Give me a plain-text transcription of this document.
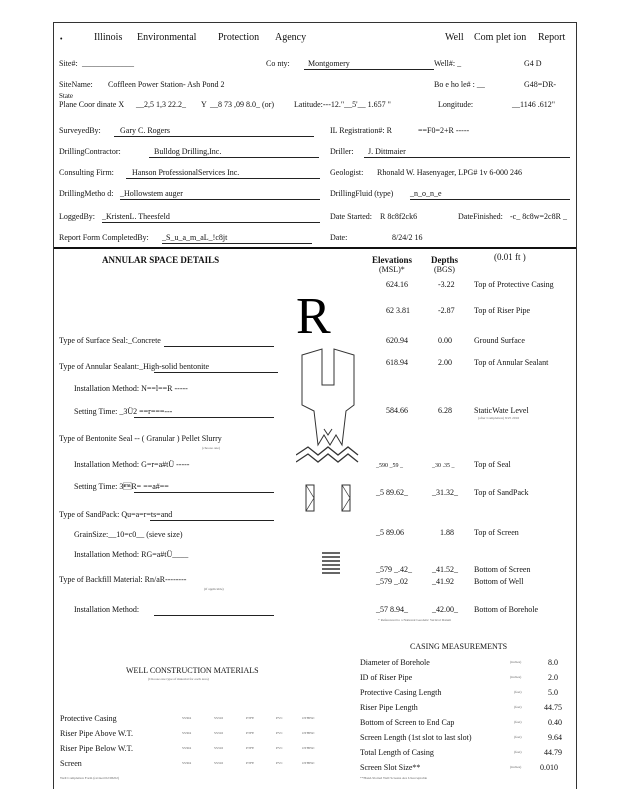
•	Illinois Environmental Protection Agency	Well Com plet ion Report
Site#: _____________	Co nty: Montgomery	Well#: _	G4 D
SiteName: Coffleen Power Station- Ash Pond 2	Bo e ho le# : __	G48=DR-
State
Plane Coor dinate X __2,5 1,3 22.2_ Y __8 73 ,09 8.0_ (or)	Latitude:---12."__5'__ 1.657 "	Longitude:	__1146 .612"
SurveyedBy: Gary C. Rogers	IL Registration#: R	==F0=2+R -----
DrillingContractor:	Bulldog Drilling,Inc.	Driller: J. Dittmaier
Consulting Firm: Hanson ProfessionalServices Inc.	Geologist: Rhonald W. Hasenyager, LPG# 1v 6-000 246
DrillingMetho d: _Hollowstem auger	DrillingFluid (type) _n_o_n_e
LoggedBy: _KristenL. Theesfeld	Date Started: R 8c8f2ck6	DateFinished: -c_ 8c8w=2c8R _
Report Form CompletedBy: _S_u_a_m_aL_!c8jt	Date:	8/24/2 16
ANNULAR SPACE DETAILS	Elevations
(MSL)*
Depths
(BGS)
(0.01 ft )
R
624.16	-3.22 Top of Protective Casing
62 3.81	-2.87 Top of Riser Pipe
620.94	0.00	Ground Surface
618.94	2.00	Top of Annular Sealant
584.66	6.28	StaticWate Level
(after Completion) 8/25 2016
_590 _59 _	_30 .35 _ Top of Seal
_5 89.62_	_31.32_ Top of SandPack
_5 89.06	1.88	Top of Screen
_579 _.42_	_41.52_ Bottom of Screen
_579 _.02	_41.92	Bottom of Well
_57 8.94_	_42.00_ Bottom of Borehole
* Referenced to a National Geodetic Vertical Datum
Type of Surface Seal:_Concrete
Type of Annular Sealant:_High-solid bentonite
Installation Method: N==l==R -----
Setting Time: _3Ü2 ==r===---
Type of Bentonite Seal -- ( Granular ) Pellet Slurry
(choose one)
Installation Method: G=r=a#tÜ -----
Setting Time: 3R= ==a#==
Type of SandPack: Qu=a=r=ts=and
GrainSize:__10=c0__ (sieve size)
Installation Method: RG=a#tÜ____
Type of Backfill Material: Rn/aR--------
(if applicable)
Installation Method:
CASING MEASUREMENTS
Diameter of Borehole	(inches)	8.0
ID of Riser Pipe	(inches)	2.0
Protective Casing Length	(feet)	5.0
Riser Pipe Length	(feet)	44.75
Bottom of Screen to End Cap	(feet)	0.40
Screen Length (1st slot to last slot)	(feet)	9.64
Total Length of Casing	(feet)	44.79
Screen Slot Size**	(inches) 0.010
**Hand-Slotted Well Screens Are Unacceptable
WELL CONSTRUCTION MATERIALS
(Choose one type of material for each area)
Protective Casing	SS304	SS316	PTFE	PVC	OTHER:
Riser Pipe Above W.T.	SS304	SS316	PTFE	PVC	OTHER:
Riser Pipe Below W.T.	SS304	SS316	PTFE	PVC	OTHER:
Screen	SS304	SS316	PTFE	PVC	OTHER:
Well Completion Form (revised 02/06/02)
